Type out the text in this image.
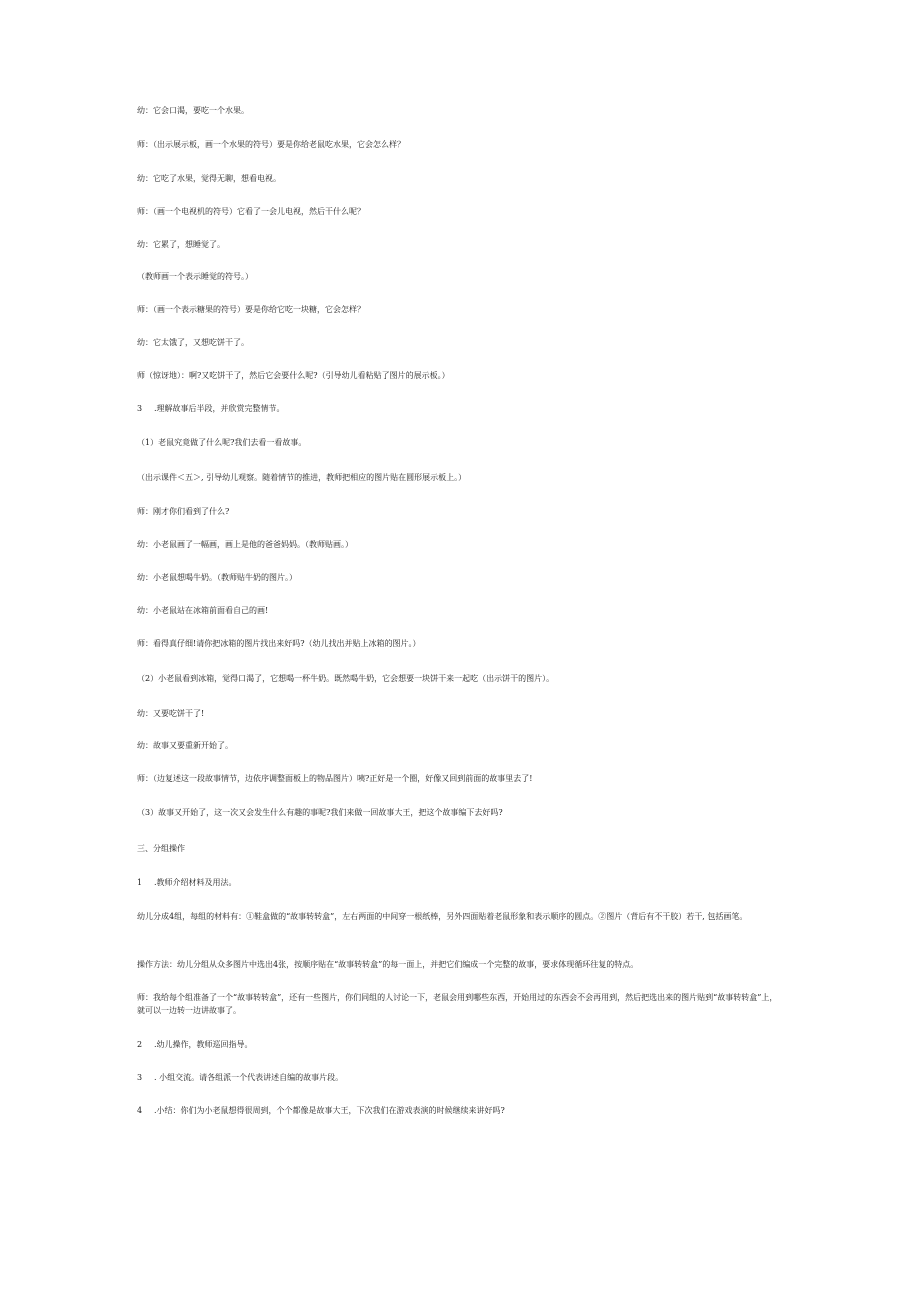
幼：它会口渴，要吃一个水果。

师：（出示展示板，画一个水果的符号）要是你给老鼠吃水果，它会怎么样？

幼：它吃了水果，觉得无聊，想看电视。

师：（画一个电视机的符号）它看了一会儿电视，然后干什么呢？

幼：它累了，想睡觉了。

（教师画一个表示睡觉的符号。）

师：（画一个表示糖果的符号）要是你给它吃一块糖，它会怎样？

幼：它太饿了，又想吃饼干了。

师（惊讶地）：啊?又吃饼干了，然后它会要什么呢?（引导幼儿看粘贴了图片的展示板。）

3 .理解故事后半段，并欣赏完整情节。

（1）老鼠究竟做了什么呢?我们去看一看故事。

（出示课件＜五＞, 引导幼儿观察。随着情节的推进，教师把相应的图片贴在圆形展示板上。）

师：刚才你们看到了什么?

幼：小老鼠画了一幅画，画上是他的爸爸妈妈。（教师贴画。）

幼：小老鼠想喝牛奶。（教师贴牛奶的图片。）

幼：小老鼠站在冰箱前面看自己的画!

师：看得真仔细!请你把冰箱的图片找出来好吗?（幼儿找出并贴上冰箱的图片。）

（2）小老鼠看到冰箱，觉得口渴了，它想喝一杯牛奶。既然喝牛奶，它会想要一块饼干来一起吃（出示饼干的图片）。

幼：又要吃饼干了!

幼：故事又要重新开始了。

师：（边复述这一段故事情节，边依序调整面板上的物品图片）咦?正好是一个圈，好像又回到前面的故事里去了!

（3）故事又开始了，这一次又会发生什么有趣的事呢?我们来做一回故事大王，把这个故事编下去好吗?

三、分组操作

1 .教师介绍材料及用法。

幼儿分成4组，每组的材料有：①鞋盒做的“故事转转盒”，左右两面的中间穿一根纸棒，另外四面贴着老鼠形象和表示顺序的圆点。②图片（背后有不干胶）若干, 包括画笔。

操作方法：幼儿分组从众多图片中选出4张，按顺序贴在“故事转转盒”的每一面上，并把它们编成一个完整的故事，要求体现循环往复的特点。

师：我给每个组准备了一个“故事转转盒”，还有一些图片，你们同组的人讨论一下，老鼠会用到哪些东西，开始用过的东西会不会再用到，然后把选出来的图片贴到“故事转转盒”上，就可以一边转一边讲故事了。

2 .幼儿操作，教师巡回指导。

3 . 小组交流。请各组派一个代表讲述自编的故事片段。

4 .小结：你们为小老鼠想得很周到，个个都像是故事大王，下次我们在游戏表演的时候继续来讲好吗?
